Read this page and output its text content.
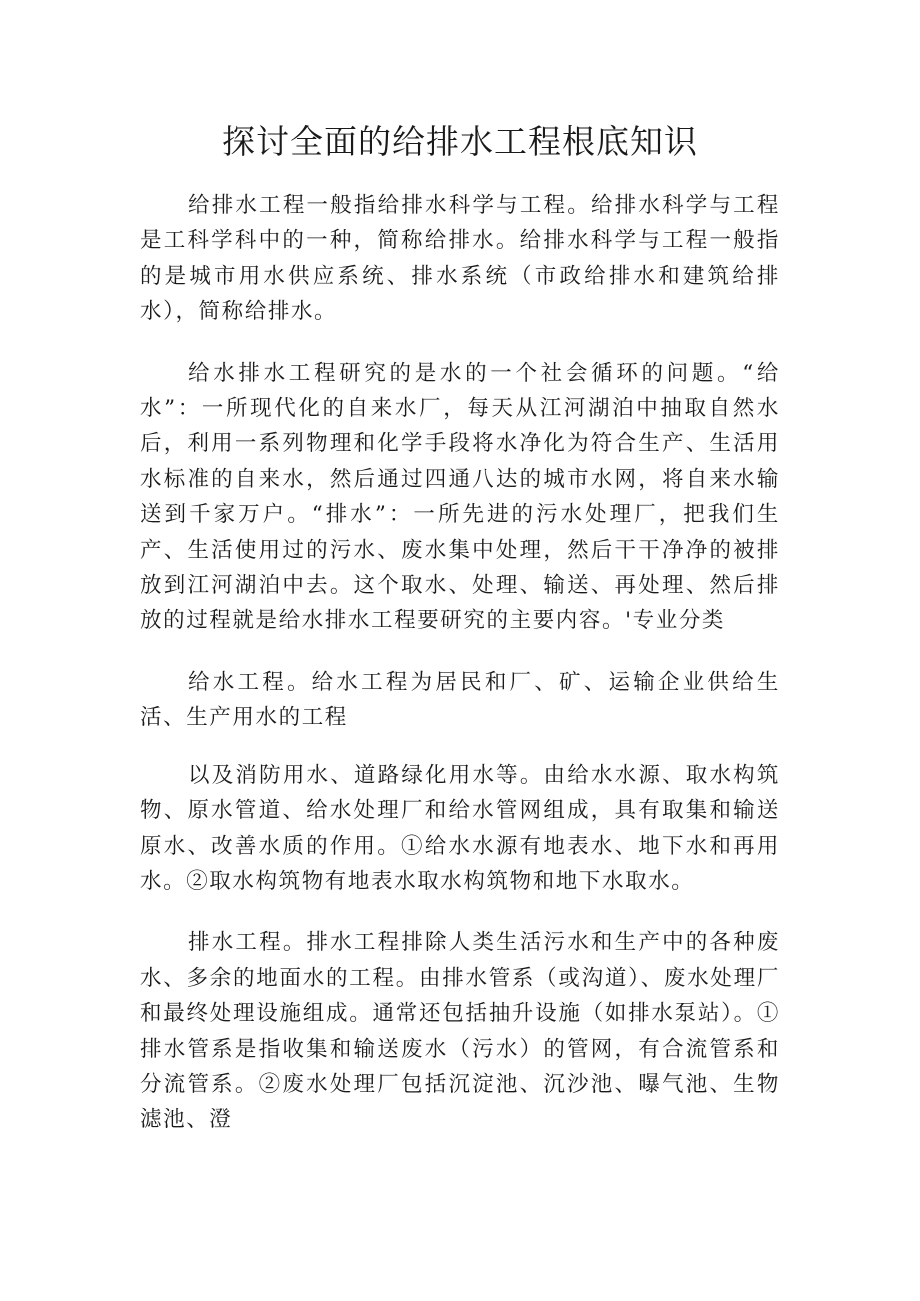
探讨全面的给排水工程根底知识

给排水工程一般指给排水科学与工程。给排水科学与工程是工科学科中的一种，简称给排水。给排水科学与工程一般指的是城市用水供应系统、排水系统（市政给排水和建筑给排水），简称给排水。

给水排水工程研究的是水的一个社会循环的问题。“给水”：一所现代化的自来水厂，每天从江河湖泊中抽取自然水后，利用一系列物理和化学手段将水净化为符合生产、生活用水标准的自来水，然后通过四通八达的城市水网，将自来水输送到千家万户。“排水”：一所先进的污水处理厂，把我们生产、生活使用过的污水、废水集中处理，然后干干净净的被排放到江河湖泊中去。这个取水、处理、输送、再处理、然后排放的过程就是给水排水工程要研究的主要内容。'专业分类

给水工程。给水工程为居民和厂、矿、运输企业供给生活、生产用水的工程

以及消防用水、道路绿化用水等。由给水水源、取水构筑物、原水管道、给水处理厂和给水管网组成，具有取集和输送原水、改善水质的作用。①给水水源有地表水、地下水和再用水。②取水构筑物有地表水取水构筑物和地下水取水。

排水工程。排水工程排除人类生活污水和生产中的各种废水、多余的地面水的工程。由排水管系（或沟道）、废水处理厂和最终处理设施组成。通常还包括抽升设施（如排水泵站）。①排水管系是指收集和输送废水（污水）的管网，有合流管系和分流管系。②废水处理厂包括沉淀池、沉沙池、曝气池、生物滤池、澄
